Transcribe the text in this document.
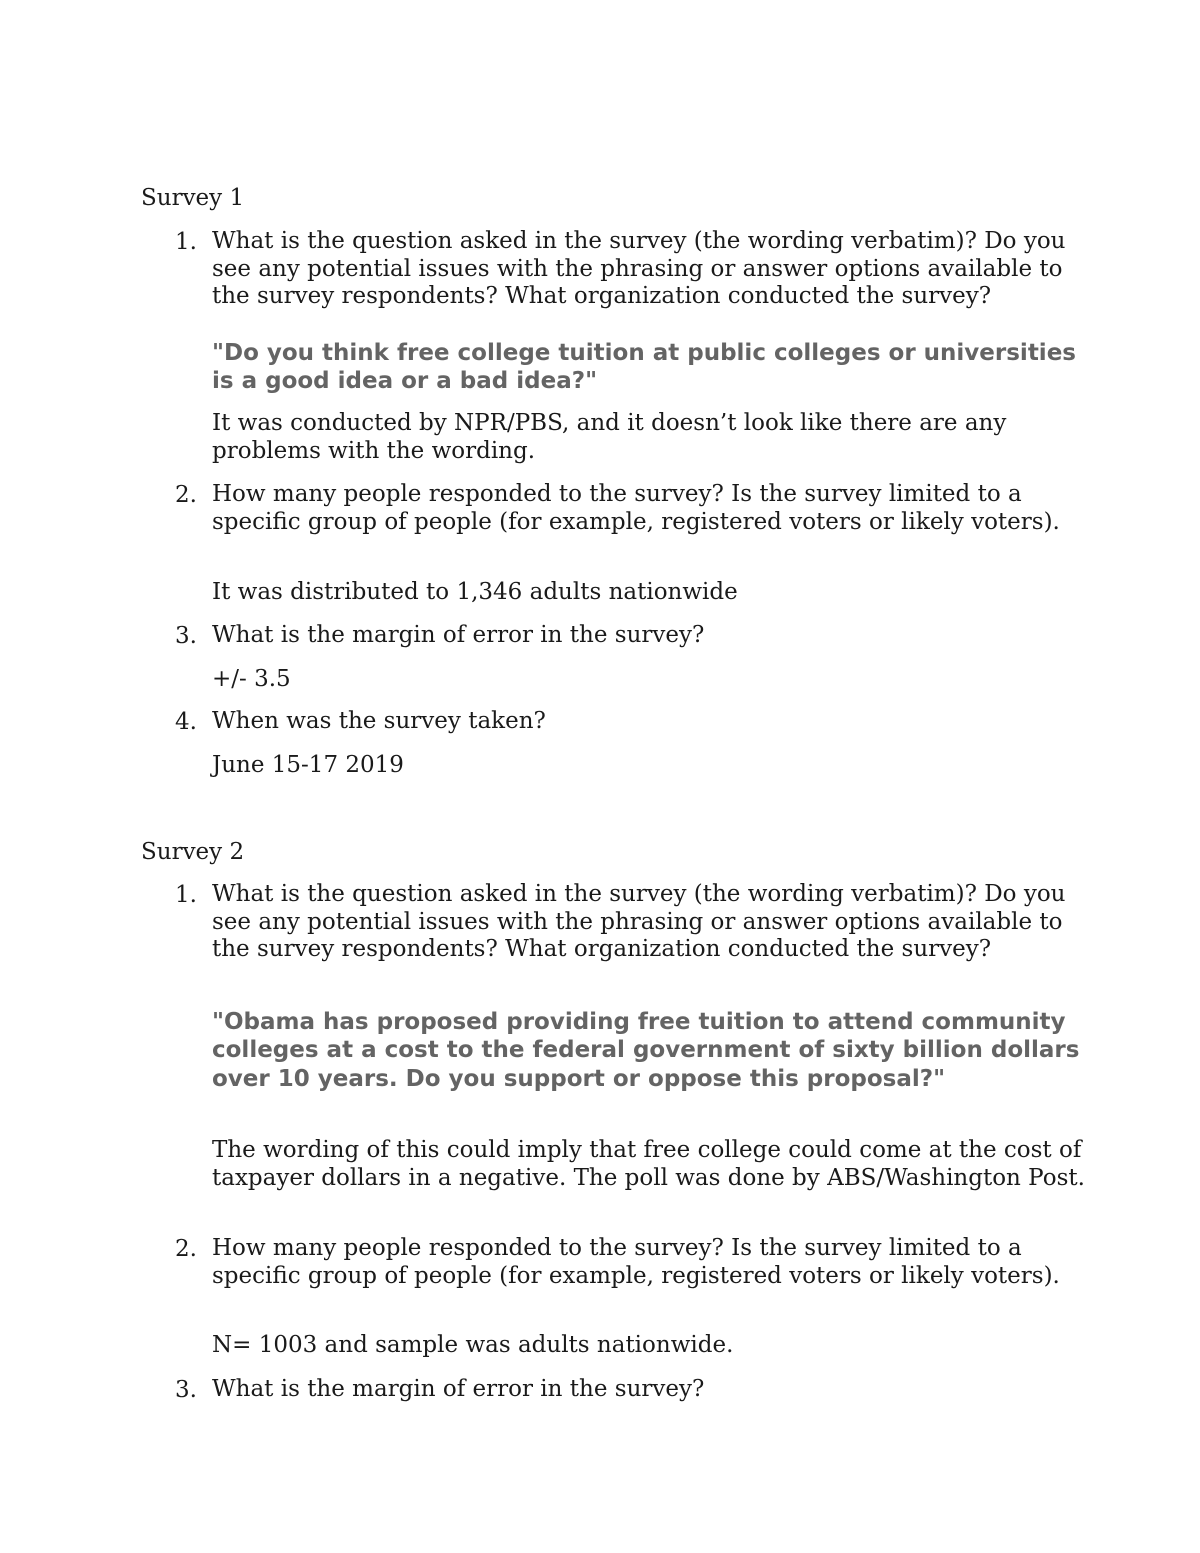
Survey 1
1. What is the question asked in the survey (the wording verbatim)? Do you see any potential issues with the phrasing or answer options available to the survey respondents? What organization conducted the survey?

"Do you think free college tuition at public colleges or universities is a good idea or a bad idea?"

It was conducted by NPR/PBS, and it doesn’t look like there are any problems with the wording.

2. How many people responded to the survey? Is the survey limited to a specific group of people (for example, registered voters or likely voters).

It was distributed to 1,346 adults nationwide

3. What is the margin of error in the survey?

+/- 3.5

4. When was the survey taken?

June 15-17 2019

Survey 2
1. What is the question asked in the survey (the wording verbatim)? Do you see any potential issues with the phrasing or answer options available to the survey respondents? What organization conducted the survey?

"Obama has proposed providing free tuition to attend community colleges at a cost to the federal government of sixty billion dollars over 10 years. Do you support or oppose this proposal?"

The wording of this could imply that free college could come at the cost of taxpayer dollars in a negative. The poll was done by ABS/Washington Post.

2. How many people responded to the survey? Is the survey limited to a specific group of people (for example, registered voters or likely voters).

N= 1003 and sample was adults nationwide.

3. What is the margin of error in the survey?
